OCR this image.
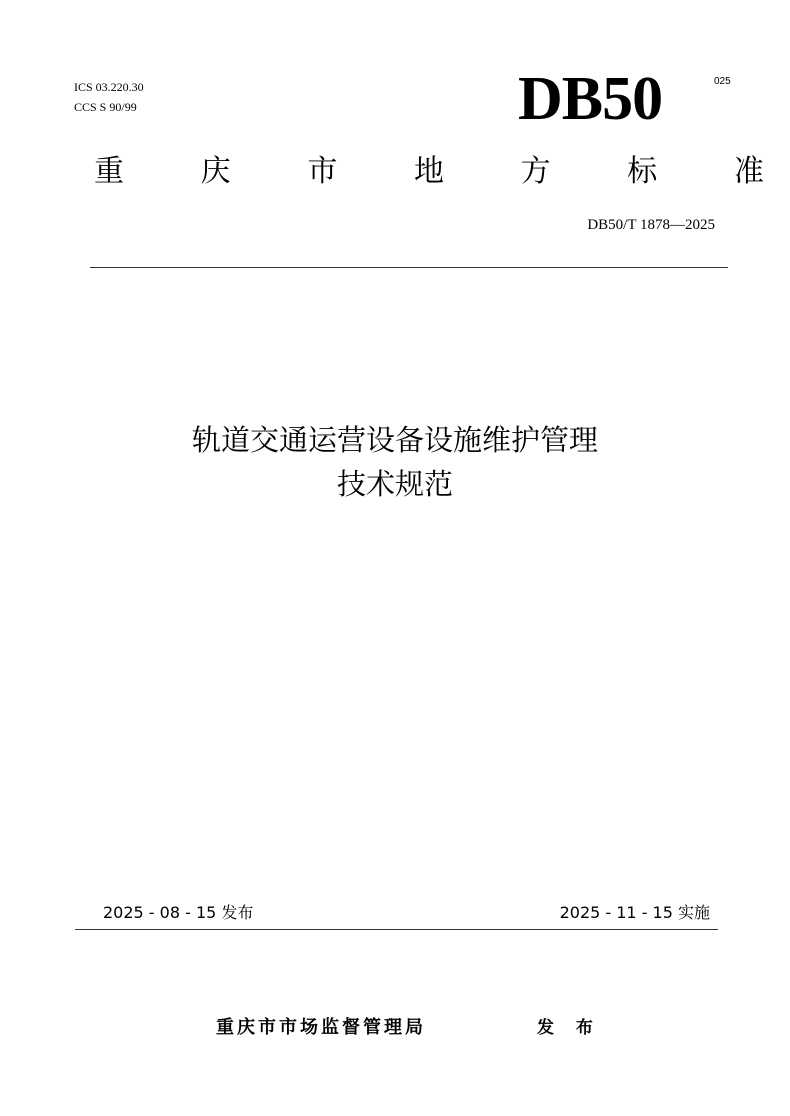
ICS 03.220.30
CCS S 90/99	DB50	025
重	庆	市	地	方	标	准
DB50/T 1878—2025
轨道交通运营设备设施维护管理
技术规范
2025 - 08 - 15 发布	2025 - 11 - 15 实施
重庆市市场监督管理局	发 布
